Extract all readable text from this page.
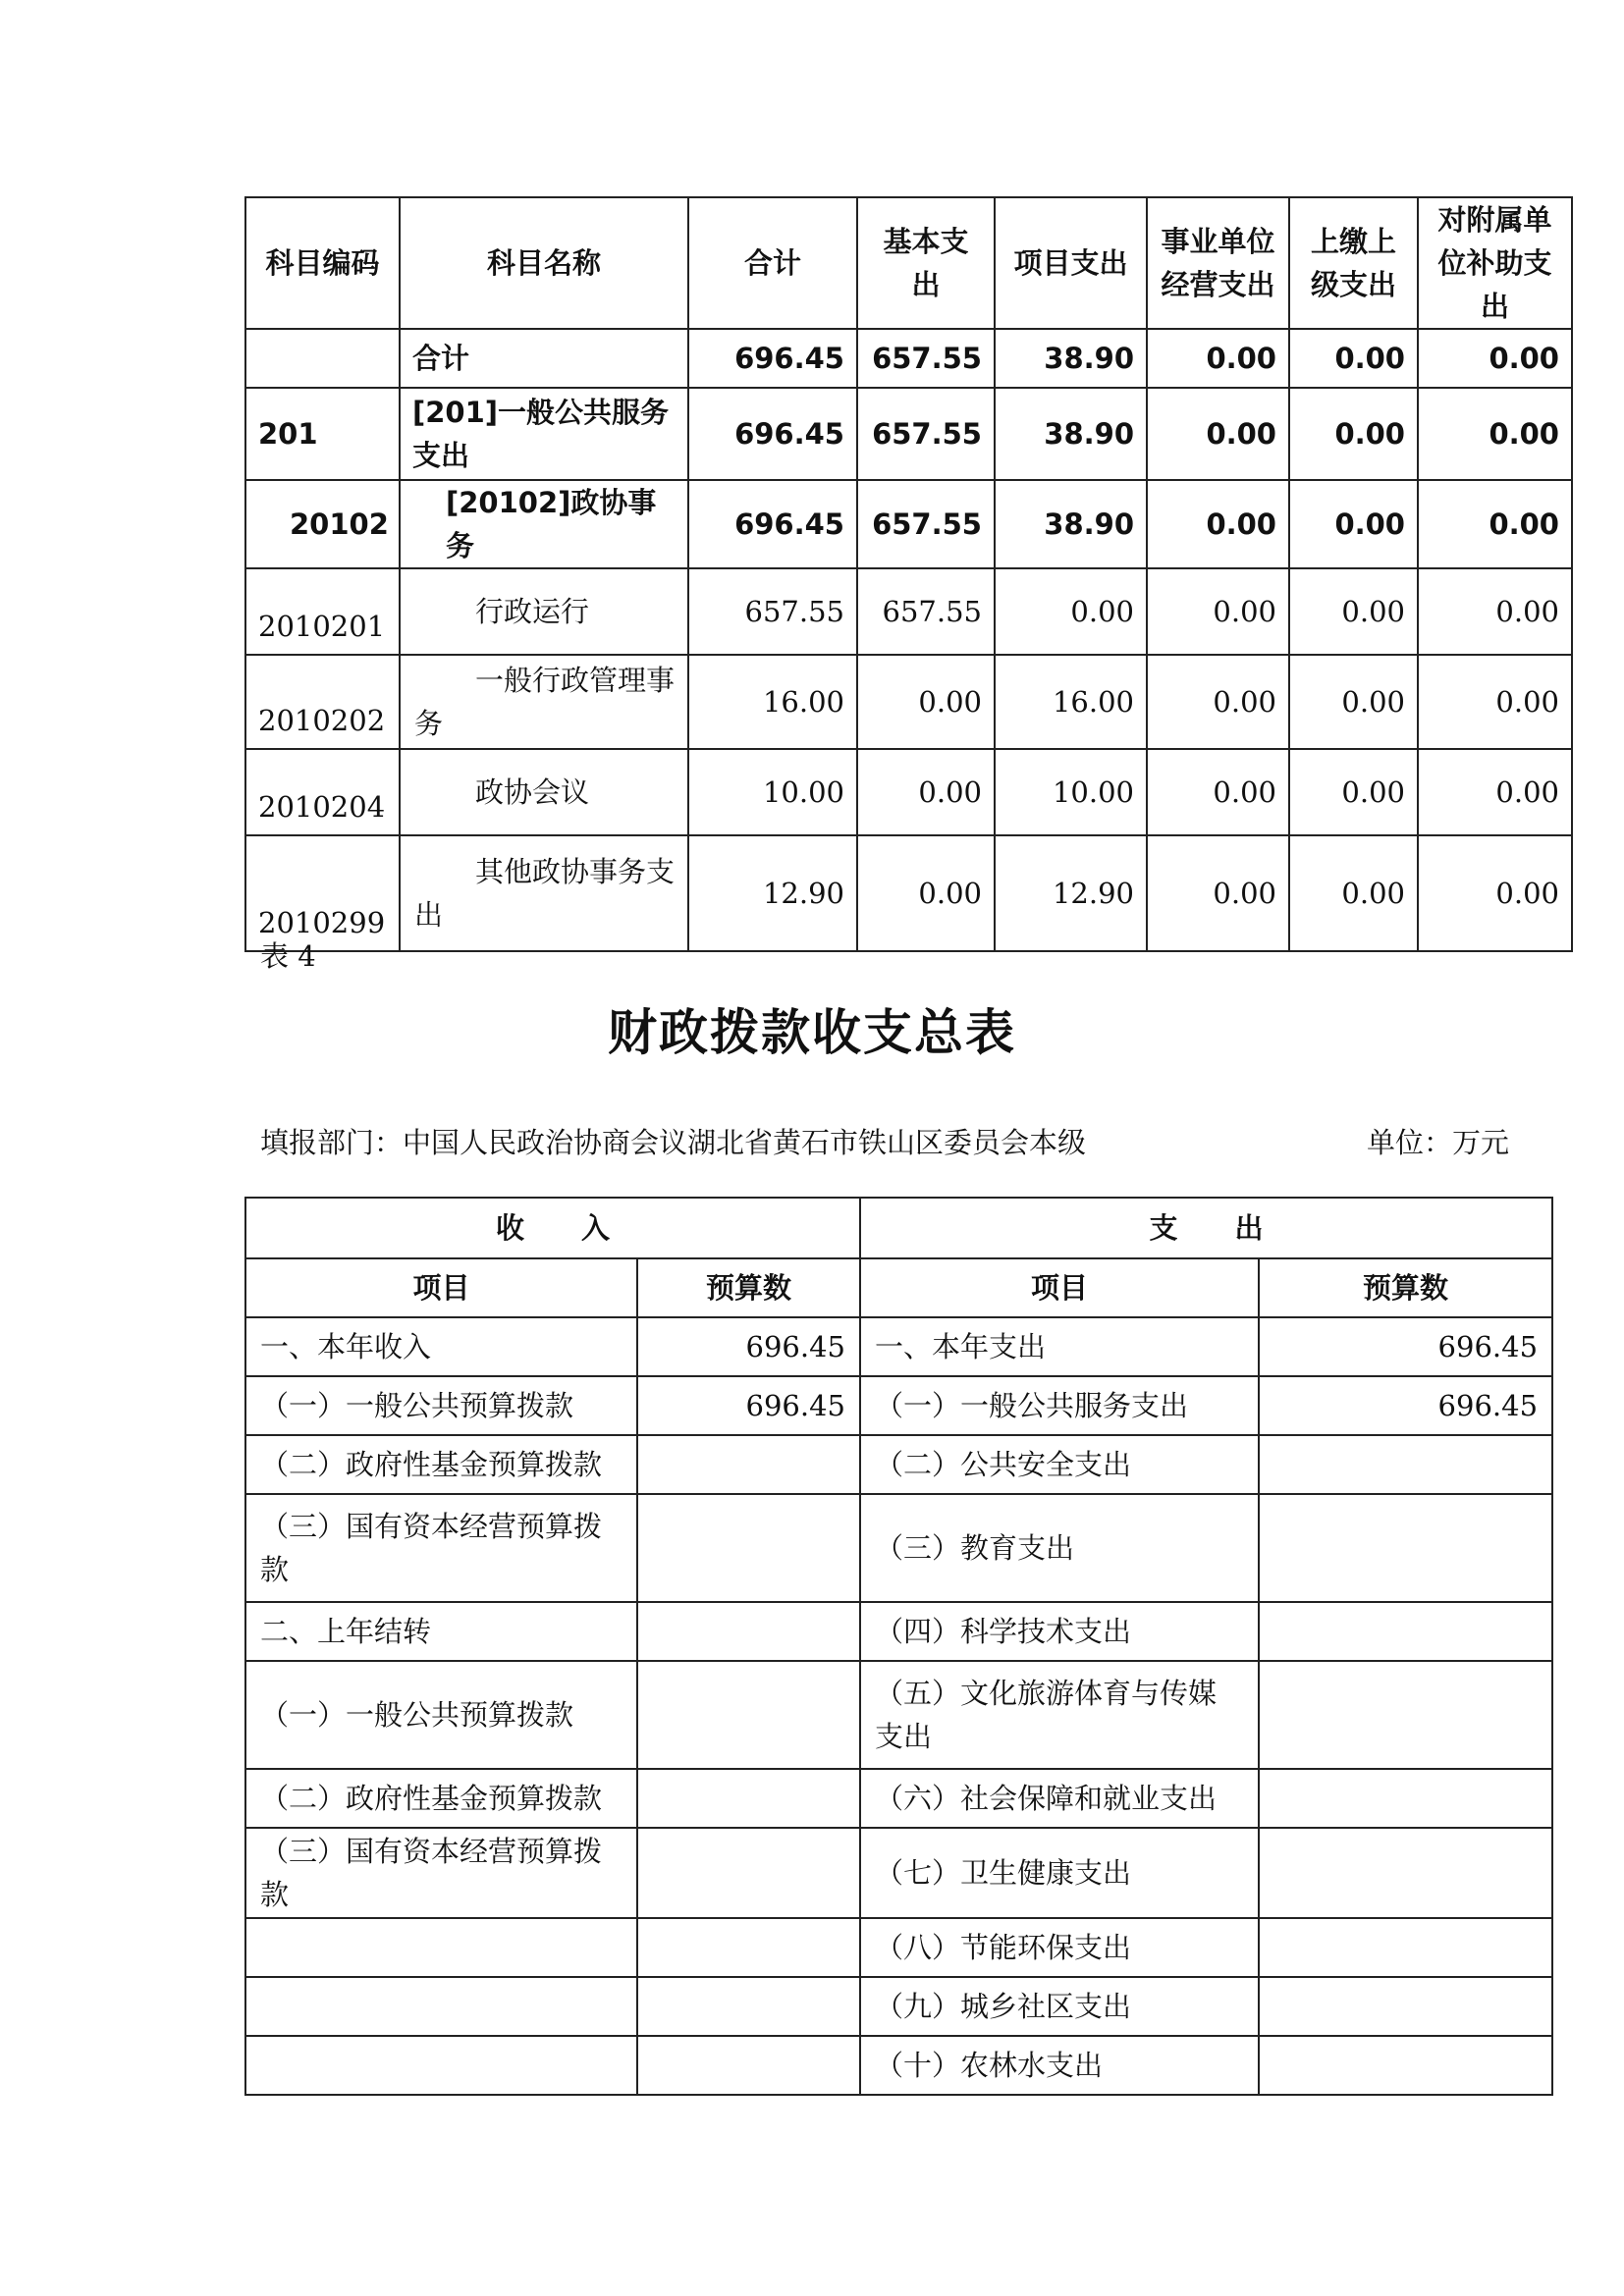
科目编码	科目名称	合计	基本支出	项目支出	事业单位经营支出	上缴上级支出	对附属单位补助支出
	合计	696.45	657.55	38.90	0.00	0.00	0.00
201	[201]一般公共服务支出	696.45	657.55	38.90	0.00	0.00	0.00
20102	[20102]政协事务	696.45	657.55	38.90	0.00	0.00	0.00
2010201	行政运行	657.55	657.55	0.00	0.00	0.00	0.00
2010202	一般行政管理事务	16.00	0.00	16.00	0.00	0.00	0.00
2010204	政协会议	10.00	0.00	10.00	0.00	0.00	0.00
2010299	其他政协事务支出	12.90	0.00	12.90	0.00	0.00	0.00
表 4
财政拨款收支总表
填报部门：中国人民政治协商会议湖北省黄石市铁山区委员会本级	单位：万元
收　　入		支　　出	
项目	预算数	项目	预算数
一、本年收入	696.45	一、本年支出	696.45
（一）一般公共预算拨款	696.45	（一）一般公共服务支出	696.45
（二）政府性基金预算拨款		（二）公共安全支出	
（三）国有资本经营预算拨款		（三）教育支出	
二、上年结转		（四）科学技术支出	
（一）一般公共预算拨款		（五）文化旅游体育与传媒支出	
（二）政府性基金预算拨款		（六）社会保障和就业支出	
（三）国有资本经营预算拨款		（七）卫生健康支出	
		（八）节能环保支出	
		（九）城乡社区支出	
		（十）农林水支出	
